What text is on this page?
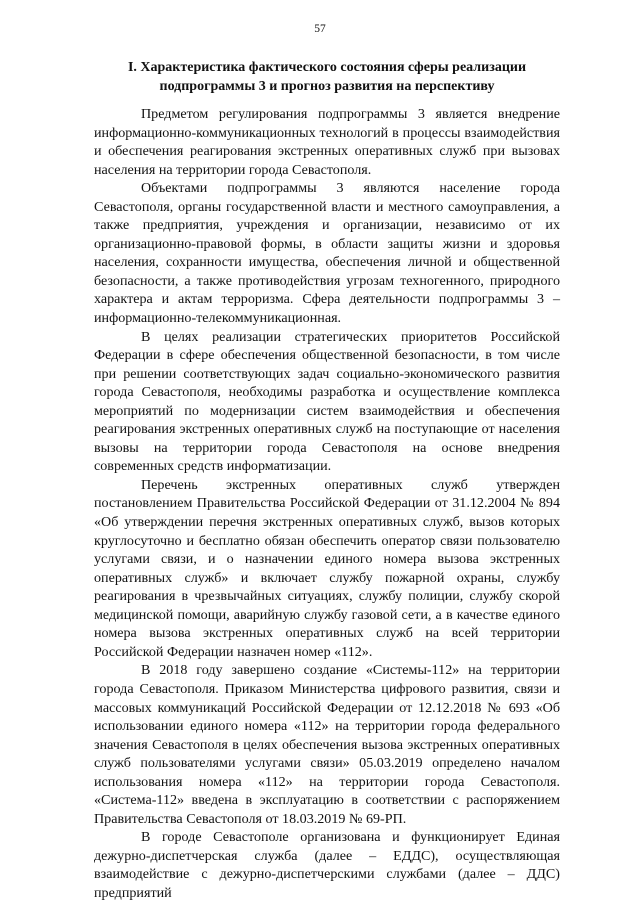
57
I. Характеристика фактического состояния сферы реализации
подпрограммы 3 и прогноз развития на перспективу

Предметом регулирования подпрограммы 3 является внедрение информационно-коммуникационных технологий в процессы взаимодействия и обеспечения реагирования экстренных оперативных служб при вызовах населения на территории города Севастополя.

Объектами подпрограммы 3 являются население города Севастополя, органы государственной власти и местного самоуправления, а также предприятия, учреждения и организации, независимо от их организационно-правовой формы, в области защиты жизни и здоровья населения, сохранности имущества, обеспечения личной и общественной безопасности, а также противодействия угрозам техногенного, природного характера и актам терроризма. Сфера деятельности подпрограммы 3 – информационно-телекоммуникационная.

В целях реализации стратегических приоритетов Российской Федерации в сфере обеспечения общественной безопасности, в том числе при решении соответствующих задач социально-экономического развития города Севастополя, необходимы разработка и осуществление комплекса мероприятий по модернизации систем взаимодействия и обеспечения реагирования экстренных оперативных служб на поступающие от населения вызовы на территории города Севастополя на основе внедрения современных средств информатизации.

Перечень экстренных оперативных служб утвержден постановлением Правительства Российской Федерации от 31.12.2004 № 894 «Об утверждении перечня экстренных оперативных служб, вызов которых круглосуточно и бесплатно обязан обеспечить оператор связи пользователю услугами связи, и о назначении единого номера вызова экстренных оперативных служб» и включает службу пожарной охраны, службу реагирования в чрезвычайных ситуациях, службу полиции, службу скорой медицинской помощи, аварийную службу газовой сети, а в качестве единого номера вызова экстренных оперативных служб на всей территории Российской Федерации назначен номер «112».

В 2018 году завершено создание «Системы-112» на территории города Севастополя. Приказом Министерства цифрового развития, связи и массовых коммуникаций Российской Федерации от 12.12.2018 № 693 «Об использовании единого номера «112» на территории города федерального значения Севастополя в целях обеспечения вызова экстренных оперативных служб пользователями услугами связи» 05.03.2019 определено началом использования номера «112» на территории города Севастополя. «Система-112» введена в эксплуатацию в соответствии с распоряжением Правительства Севастополя от 18.03.2019 № 69-РП.

В городе Севастополе организована и функционирует Единая дежурно-диспетчерская служба (далее – ЕДДС), осуществляющая взаимодействие с дежурно-диспетчерскими службами (далее – ДДС) предприятий
